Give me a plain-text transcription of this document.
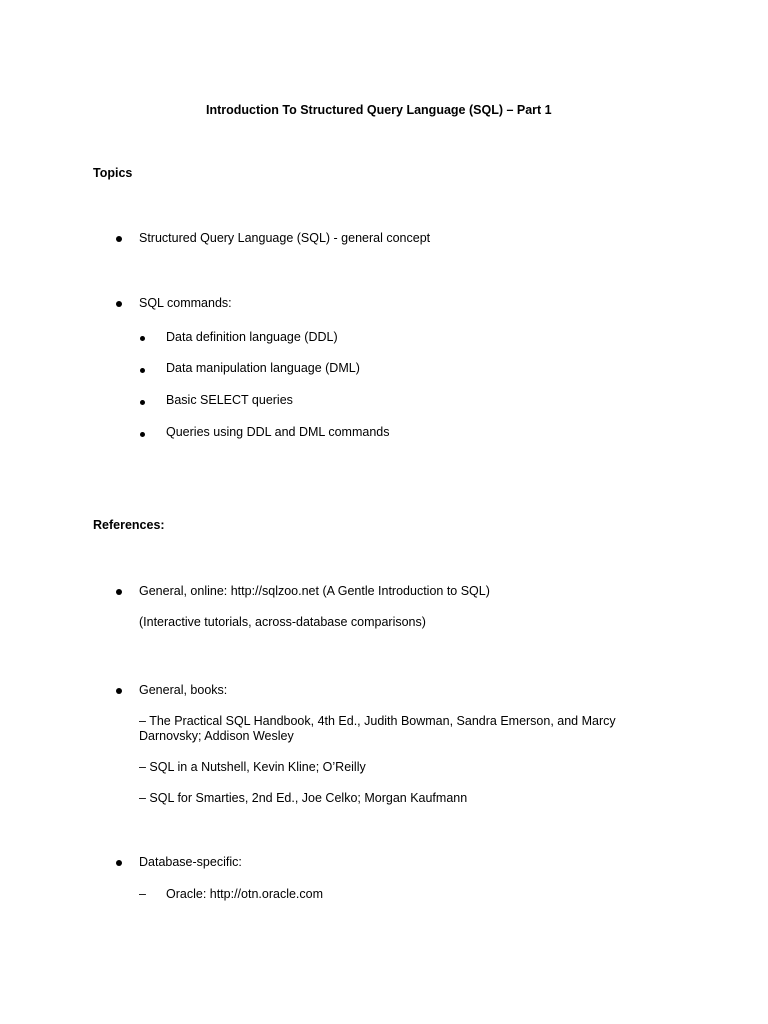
Introduction To Structured Query Language (SQL) – Part 1
Topics
Structured Query Language (SQL) - general concept
SQL commands:
Data definition language (DDL)
Data manipulation language (DML)
Basic SELECT queries
Queries using DDL and DML commands
References:
General, online: http://sqlzoo.net (A Gentle Introduction to SQL)
(Interactive tutorials, across-database comparisons)
General, books:
– The Practical SQL Handbook, 4th Ed., Judith Bowman, Sandra Emerson, and Marcy Darnovsky; Addison Wesley
– SQL in a Nutshell, Kevin Kline; O’Reilly
– SQL for Smarties, 2nd Ed., Joe Celko; Morgan Kaufmann
Database-specific:
– Oracle: http://otn.oracle.com
